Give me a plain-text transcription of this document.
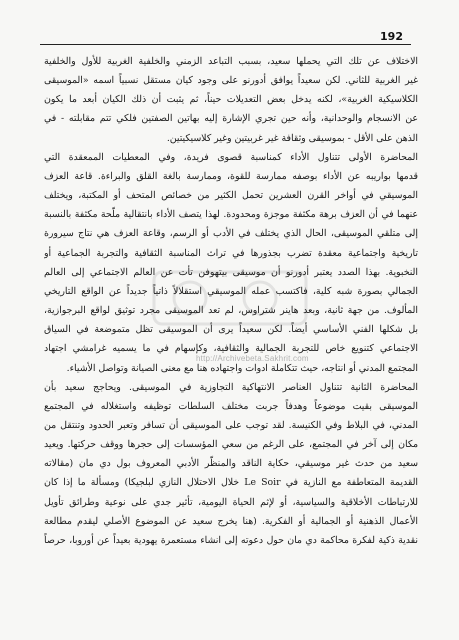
192
الاختلاف عن تلك التي يحملها سعيد، بسبب التباعد الزمني والخلفية الغربية للأول والخلفية
غير الغربية للثاني. لكن سعيداً يوافق أدورنو على وجود كيان مستقل نسبياً اسمه «الموسيقى
الكلاسيكية الغربية»، لكنه يدخل بعض التعديلات حيناً، ثم يثبت أن ذلك الكيان أبعد ما يكون
عن الانسجام والوحدانية، وأنه حين تجري الإشارة إليه بهاتين الصفتين فلكي تتم مقابلته - في
الذهن على الأقل - بموسيقى وثقافة غير غربيتين وغير كلاسيكيتين.
المحاضرة الأولى تتناول الأداء كمناسبة قصوى فريدة، وفي المعطيات الممعقدة التي
قدمها بواريبه عن الأداء بوصفه ممارسة للقوة، وممارسة بالغة القلق والبراءة. قاعة العزف
الموسيقي في أواخر القرن العشرين تحمل الكثير من خصائص المتحف أو المكتبة، ويختلف
عنهما في أن العزف برهة مكثفة موجزة ومحدودة. لهذا يتصف الأداء بانتقالية ملّحة مكثفة بالنسبة
إلى متلقي الموسيقى، الحال الذي يختلف في الأدب أو الرسم، وقاعة العزف هي نتاج سيرورة
تاريخية واجتماعية معقدة تضرب بجذورها في تراث المناسبة الثقافية والتجربة الجماعية أو
النخبوية. بهذا الصدد يعتبر أدورنو أن موسيقى بيتهوفن تأت عن العالم الاجتماعي إلى العالم
الجمالي بصورة شبه كلية، فاكتسب عمله الموسيقي استقلالاً ذاتياً جديداً عن الواقع التاريخي
المألوف. من جهة ثانية، وبعد هاينر شتراوس، لم تعد الموسيقى مجرد توثيق لواقع البرجوازية،
بل شكلها الفني الأساسي أيضاً. لكن سعيداً يرى أن الموسيقى تظل متموضعة في السياق
الاجتماعي كتنويع خاص للتجربة الجمالية والثقافية، وكإسهام في ما يسميه غرامشي اجتهاد
المجتمع المدني أو انتاجه، حيث تتكاملة ادوات واجتهاده هنا مع معنى الصيانة وتواصل الأشياء.
المحاضرة الثانية تتناول العناصر الانتهاكية التجاوزية في الموسيقى. ويحاجج سعيد بأن
الموسيقى بقيت موضوعاً وهدفاً جربت مختلف السلطات توظيفه واستغلاله في المجتمع
المدني، في البلاط وفي الكنيسة. لقد توجب على الموسيقى أن تسافر وتعبر الحدود وتنتقل من
مكان إلى آخر في المجتمع، على الرغم من سعي المؤسسات إلى حجرها ووقف حركتها. ويعيد
سعيد من حدث غير موسيقي، حكاية الناقد والمنظّر الأدبي المعروف بول دي مان (مقالاته
القديمة المتعاطفة مع النازية في Le Soir خلال الاحتلال النازي لبلجيكا) ومسألة ما إذا كان
للارتباطات الأخلاقية والسياسية، أو لإثم الحياة اليومية، تأثير جدي على نوعية وطرائق تأويل
الأعمال الذهنية أو الجمالية أو الفكرية. (هنا يخرج سعيد عن الموضوع الأصلي ليقدم مطالعة
نقدية ذكية لفكرة محاكمة دي مان حول دعوته إلى انشاء مستعمرة يهودية بعيداً عن أوروبا، حرصاً
http://Archivebeta.Sakhrit.com
